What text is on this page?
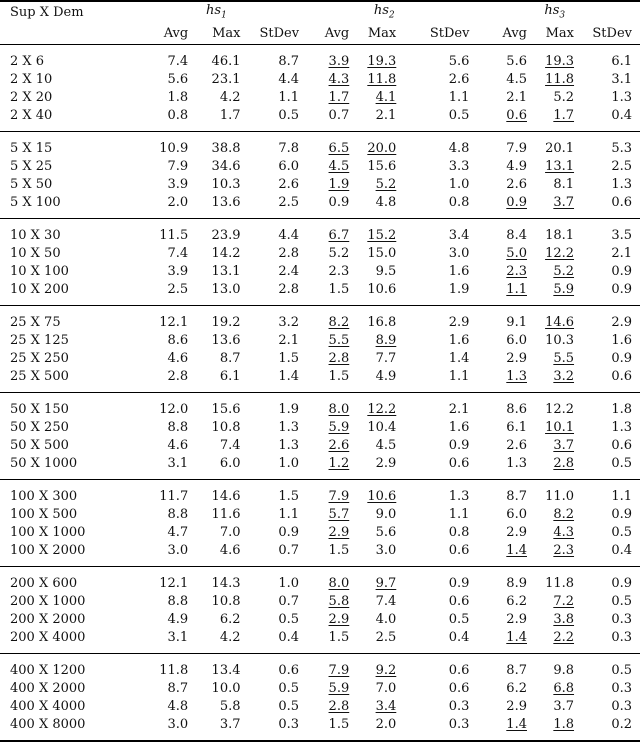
Sup X Dem	$hs_1$			$hs_2$			$hs_3$
	Avg	Max	StDev	Avg	Max	StDev	Avg	Max	StDev
2 X 6	7.4	46.1	8.7	3.9	19.3	5.6	5.6	19.3	6.1
2 X 10	5.6	23.1	4.4	4.3	11.8	2.6	4.5	11.8	3.1
2 X 20	1.8	4.2	1.1	1.7	4.1	1.1	2.1	5.2	1.3
2 X 40	0.8	1.7	0.5	0.7	2.1	0.5	0.6	1.7	0.4
5 X 15	10.9	38.8	7.8	6.5	20.0	4.8	7.9	20.1	5.3
5 X 25	7.9	34.6	6.0	4.5	15.6	3.3	4.9	13.1	2.5
5 X 50	3.9	10.3	2.6	1.9	5.2	1.0	2.6	8.1	1.3
5 X 100	2.0	13.6	2.5	0.9	4.8	0.8	0.9	3.7	0.6
10 X 30	11.5	23.9	4.4	6.7	15.2	3.4	8.4	18.1	3.5
10 X 50	7.4	14.2	2.8	5.2	15.0	3.0	5.0	12.2	2.1
10 X 100	3.9	13.1	2.4	2.3	9.5	1.6	2.3	5.2	0.9
10 X 200	2.5	13.0	2.8	1.5	10.6	1.9	1.1	5.9	0.9
25 X 75	12.1	19.2	3.2	8.2	16.8	2.9	9.1	14.6	2.9
25 X 125	8.6	13.6	2.1	5.5	8.9	1.6	6.0	10.3	1.6
25 X 250	4.6	8.7	1.5	2.8	7.7	1.4	2.9	5.5	0.9
25 X 500	2.8	6.1	1.4	1.5	4.9	1.1	1.3	3.2	0.6
50 X 150	12.0	15.6	1.9	8.0	12.2	2.1	8.6	12.2	1.8
50 X 250	8.8	10.8	1.3	5.9	10.4	1.6	6.1	10.1	1.3
50 X 500	4.6	7.4	1.3	2.6	4.5	0.9	2.6	3.7	0.6
50 X 1000	3.1	6.0	1.0	1.2	2.9	0.6	1.3	2.8	0.5
100 X 300	11.7	14.6	1.5	7.9	10.6	1.3	8.7	11.0	1.1
100 X 500	8.8	11.6	1.1	5.7	9.0	1.1	6.0	8.2	0.9
100 X 1000	4.7	7.0	0.9	2.9	5.6	0.8	2.9	4.3	0.5
100 X 2000	3.0	4.6	0.7	1.5	3.0	0.6	1.4	2.3	0.4
200 X 600	12.1	14.3	1.0	8.0	9.7	0.9	8.9	11.8	0.9
200 X 1000	8.8	10.8	0.7	5.8	7.4	0.6	6.2	7.2	0.5
200 X 2000	4.9	6.2	0.5	2.9	4.0	0.5	2.9	3.8	0.3
200 X 4000	3.1	4.2	0.4	1.5	2.5	0.4	1.4	2.2	0.3
400 X 1200	11.8	13.4	0.6	7.9	9.2	0.6	8.7	9.8	0.5
400 X 2000	8.7	10.0	0.5	5.9	7.0	0.6	6.2	6.8	0.3
400 X 4000	4.8	5.8	0.5	2.8	3.4	0.3	2.9	3.7	0.3
400 X 8000	3.0	3.7	0.3	1.5	2.0	0.3	1.4	1.8	0.2
